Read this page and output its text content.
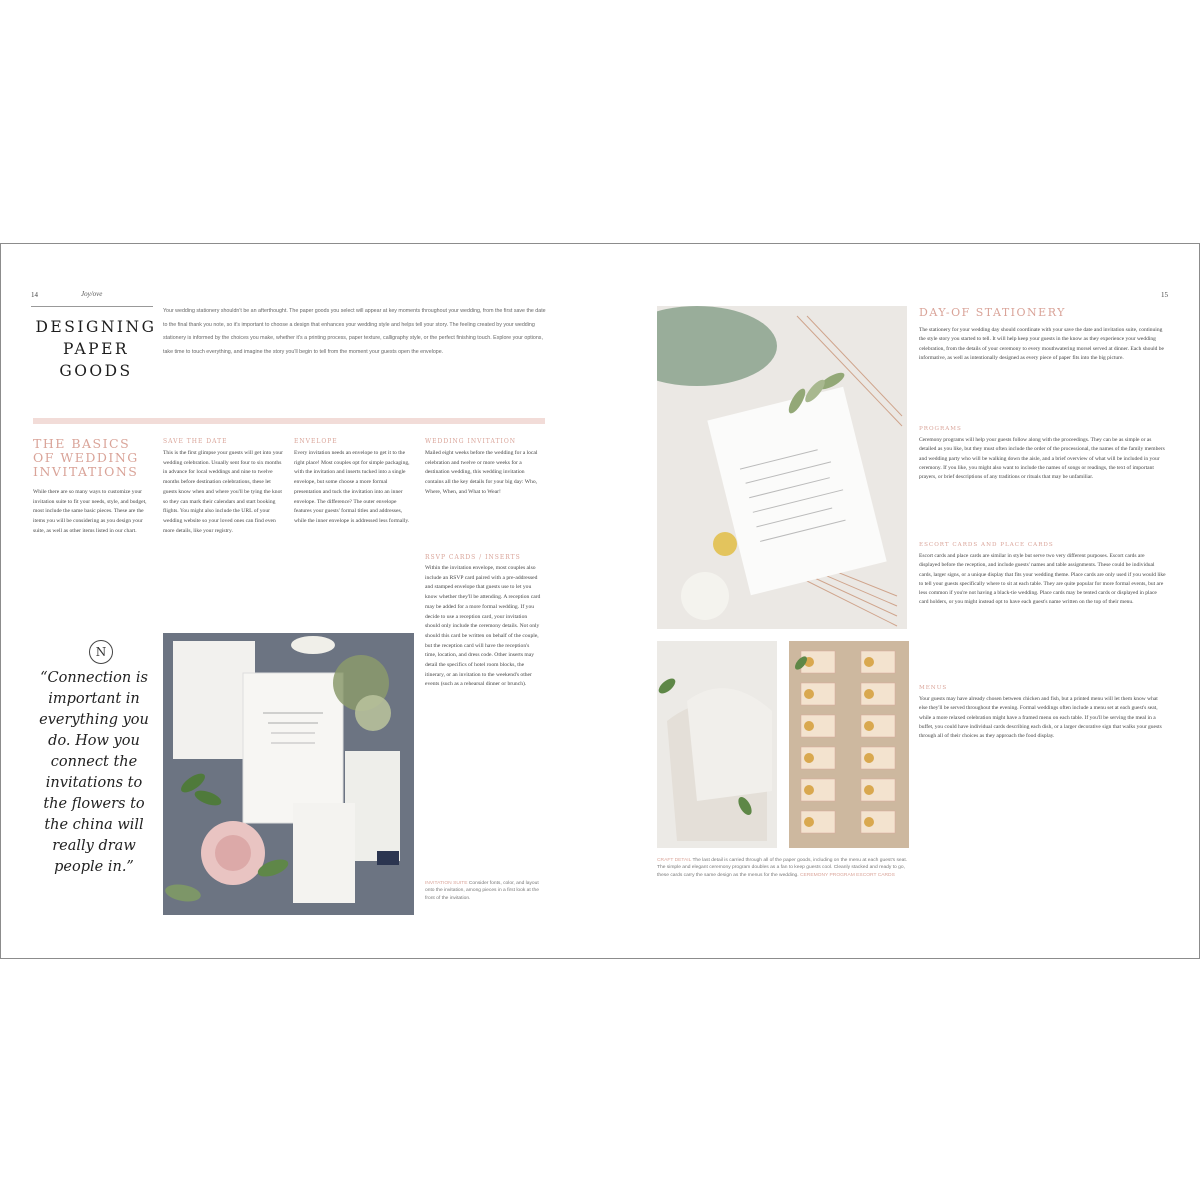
14	Joy/ove
DESIGNING
PAPER
GOODS
Your wedding stationery shouldn't be an afterthought. The paper goods you select will appear at key moments throughout your wedding, from the first save the date to the final thank you note, so it's important to choose a design that enhances your wedding style and helps tell your story. The feeling created by your wedding stationery is informed by the choices you make, whether it's a printing process, paper texture, calligraphy style, or the perfect finishing touch. Explore your options, take time to touch everything, and imagine the story you'll begin to tell from the moment your guests open the envelope.
THE BASICS
OF WEDDING
INVITATIONS
While there are so many ways to customize your invitation suite to fit your needs, style, and budget, most include the same basic pieces. These are the items you will be considering as you design your suite, as well as other items listed in our chart.
N
“Connection is important in everything you do. How you connect the invitations to the flowers to the china will really draw people in.”
SAVE THE DATE
This is the first glimpse your guests will get into your wedding celebration. Usually sent four to six months in advance for local weddings and nine to twelve months before destination celebrations, these let guests know when and where you'll be tying the knot so they can mark their calendars and start booking flights. You might also include the URL of your wedding website so your loved ones can find even more details, like your registry.
ENVELOPE
Every invitation needs an envelope to get it to the right place! Most couples opt for simple packaging, with the invitation and inserts tucked into a single envelope, but some choose a more formal presentation and tuck the invitation into an inner envelope. The difference? The outer envelope features your guests' formal titles and addresses, while the inner envelope is addressed less formally.
WEDDING INVITATION
Mailed eight weeks before the wedding for a local celebration and twelve or more weeks for a destination wedding, this wedding invitation contains all the key details for your big day: Who, Where, When, and What to Wear!
RSVP CARDS / INSERTS
Within the invitation envelope, most couples also include an RSVP card paired with a pre-addressed and stamped envelope that guests use to let you know whether they'll be attending. A reception card may be added for a more formal wedding. If you decide to use a reception card, your invitation should only include the ceremony details. Not only should this card be written on behalf of the couple, but the reception card will have the reception's time, location, and dress code. Other inserts may detail the specifics of hotel room blocks, the itinerary, or an invitation to the weekend's other events (such as a rehearsal dinner or brunch).
INVITATION SUITE Consider fonts, color, and layout onto the invitation, among pieces in a first look at the front of the invitation.
15
CRAFT DETAIL The last detail is carried through all of the paper goods, including on the menu at each guest's seat. The simple and elegant ceremony program doubles as a fan to keep guests cool. Cleanly stacked and ready to go, these cards carry the same design as the menus for the wedding. CEREMONY PROGRAM ESCORT CARDS
DAY-OF STATIONERY
The stationery for your wedding day should coordinate with your save the date and invitation suite, continuing the style story you started to tell. It will help keep your guests in the know as they experience your wedding celebration, from the details of your ceremony to every mouthwatering morsel served at dinner. Each should be informative, as well as intentionally designed as every piece of paper fits into the big picture.
PROGRAMS
Ceremony programs will help your guests follow along with the proceedings. They can be as simple or as detailed as you like, but they must often include the order of the processional, the names of the family members and wedding party who will be walking down the aisle, and a brief overview of what will be included in your ceremony. If you like, you might also want to include the names of songs or readings, the text of important prayers, or brief descriptions of any traditions or rituals that may be unfamiliar.
ESCORT CARDS AND PLACE CARDS
Escort cards and place cards are similar in style but serve two very different purposes. Escort cards are displayed before the reception, and include guests' names and table assignments. These could be individual cards, larger signs, or a unique display that fits your wedding theme. Place cards are only used if you would like to tell your guests specifically where to sit at each table. They are quite popular for more formal events, but are less common if you're not having a black-tie wedding. Place cards may be tented cards or displayed in place card holders, or you might instead opt to have each guest's name written on the top of their menu.
MENUS
Your guests may have already chosen between chicken and fish, but a printed menu will let them know what else they'll be served throughout the evening. Formal weddings often include a menu set at each guest's seat, while a more relaxed celebration might have a framed menu on each table. If you'll be serving the meal in a buffet, you could have individual cards describing each dish, or a larger decorative sign that walks your guests through all of their choices as they approach the food display.
